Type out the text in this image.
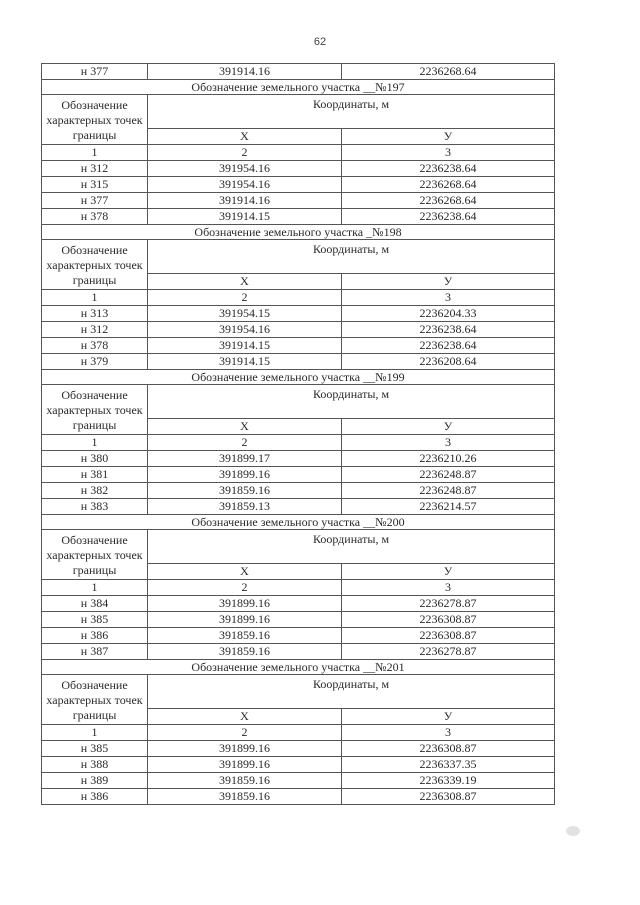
62
н 377	391914.16	2236268.64
Обозначение земельного участка __№197		
Обозначение характерных точек границы	Координаты, м	
	X	У
1	2	3
н 312	391954.16	2236238.64
н 315	391954.16	2236268.64
н 377	391914.16	2236268.64
н 378	391914.15	2236238.64
Обозначение земельного участка _№198		
Обозначение характерных точек границы	Координаты, м	
	X	У
1	2	3
н 313	391954.15	2236204.33
н 312	391954.16	2236238.64
н 378	391914.15	2236238.64
н 379	391914.15	2236208.64
Обозначение земельного участка __№199		
Обозначение характерных точек границы	Координаты, м	
	X	У
1	2	3
н 380	391899.17	2236210.26
н 381	391899.16	2236248.87
н 382	391859.16	2236248.87
н 383	391859.13	2236214.57
Обозначение земельного участка __№200		
Обозначение характерных точек границы	Координаты, м	
	X	У
1	2	3
н 384	391899.16	2236278.87
н 385	391899.16	2236308.87
н 386	391859.16	2236308.87
н 387	391859.16	2236278.87
Обозначение земельного участка __№201		
Обозначение характерных точек границы	Координаты, м	
	X	У
1	2	3
н 385	391899.16	2236308.87
н 388	391899.16	2236337.35
н 389	391859.16	2236339.19
н 386	391859.16	2236308.87
